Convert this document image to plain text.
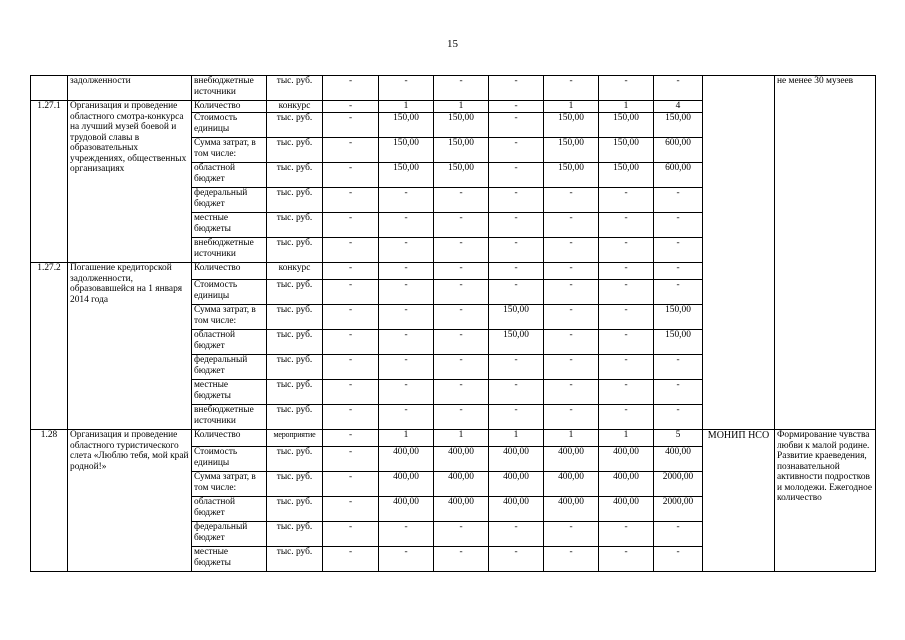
15
	задолженности	внебюджетные источники	тыс. руб.	-	-	-	-	-	-	-		не менее 30 музеев
1.27.1	Организация и проведение областного смотра-конкурса на лучший музей боевой и трудовой славы в образовательных учреждениях, общественных организациях	Количество	конкурс	-	1	1	-	1	1	4		
		Стоимость единицы	тыс. руб.	-	150,00	150,00	-	150,00	150,00	150,00		
		Сумма затрат, в том числе:	тыс. руб.	-	150,00	150,00	-	150,00	150,00	600,00		
		областной бюджет	тыс. руб.	-	150,00	150,00	-	150,00	150,00	600,00		
		федеральный бюджет	тыс. руб.	-	-	-	-	-	-	-		
		местные бюджеты	тыс. руб.	-	-	-	-	-	-	-		
		внебюджетные источники	тыс. руб.	-	-	-	-	-	-	-		
1.27.2	Погашение кредиторской задолженности, образовавшейся на 1 января 2014 года	Количество	конкурс	-	-	-	-	-	-	-		
		Стоимость единицы	тыс. руб.	-	-	-	-	-	-	-		
		Сумма затрат, в том числе:	тыс. руб.	-	-	-	150,00	-	-	150,00		
		областной бюджет	тыс. руб.	-	-	-	150,00	-	-	150,00		
		федеральный бюджет	тыс. руб.	-	-	-	-	-	-	-		
		местные бюджеты	тыс. руб.	-	-	-	-	-	-	-		
		внебюджетные источники	тыс. руб.	-	-	-	-	-	-	-		
1.28	Организация и проведение областного туристического слета «Люблю тебя, мой край родной!»	Количество	мероприятие	-	1	1	1	1	1	5	МОНИП НСО	Формирование чувства любви к малой родине. Развитие краеведения, познавательной активности подростков и молодежи. Ежегодное количество
		Стоимость единицы	тыс. руб.	-	400,00	400,00	400,00	400,00	400,00	400,00		
		Сумма затрат, в том числе:	тыс. руб.	-	400,00	400,00	400,00	400,00	400,00	2000,00		
		областной бюджет	тыс. руб.	-	400,00	400,00	400,00	400,00	400,00	2000,00		
		федеральный бюджет	тыс. руб.	-	-	-	-	-	-	-		
		местные бюджеты	тыс. руб.	-	-	-	-	-	-	-		
